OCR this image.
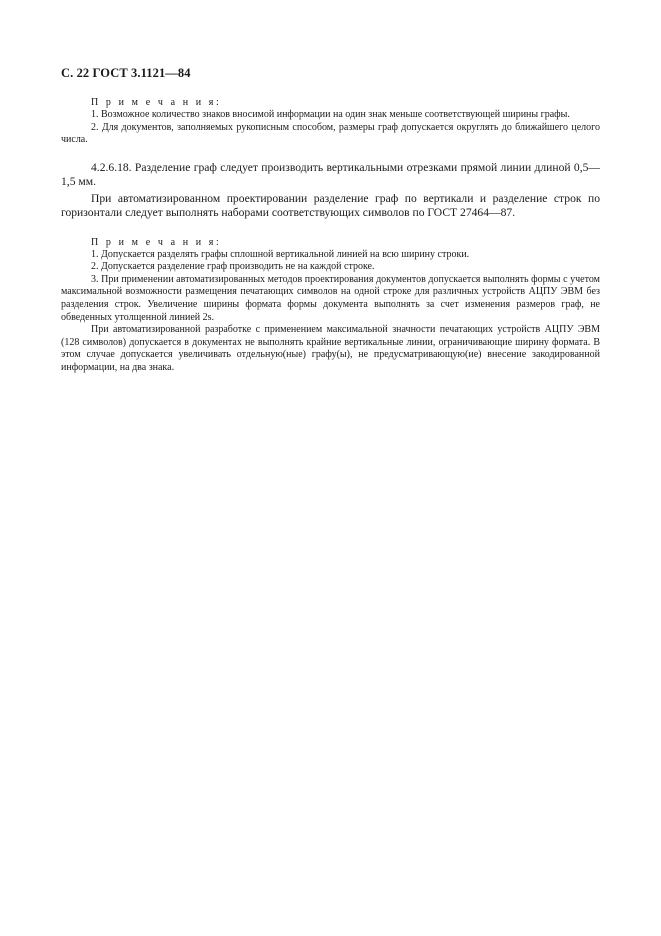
С. 22 ГОСТ 3.1121—84
П р и м е ч а н и я:

1. Возможное количество знаков вносимой информации на один знак меньше соответствующей ширины графы.

2. Для документов, заполняемых рукописным способом, размеры граф допускается округлять до ближайшего целого числа.

4.2.6.18. Разделение граф следует производить вертикальными отрезками прямой линии длиной 0,5—1,5 мм.

При автоматизированном проектировании разделение граф по вертикали и разделение строк по горизонтали следует выполнять наборами соответствующих символов по ГОСТ 27464—87.

П р и м е ч а н и я:

1. Допускается разделять графы сплошной вертикальной линией на всю ширину строки.

2. Допускается разделение граф производить не на каждой строке.

3. При применении автоматизированных методов проектирования документов допускается выполнять формы с учетом максимальной возможности размещения печатающих символов на одной строке для различных устройств АЦПУ ЭВМ без разделения строк. Увеличение ширины формата формы документа выполнять за счет изменения размеров граф, не обведенных утолщенной линией 2s.

При автоматизированной разработке с применением максимальной значности печатающих устройств АЦПУ ЭВМ (128 символов) допускается в документах не выполнять крайние вертикальные линии, ограничивающие ширину формата. В этом случае допускается увеличивать отдельную(ные) графу(ы), не предусматривающую(ие) внесение закодированной информации, на два знака.
